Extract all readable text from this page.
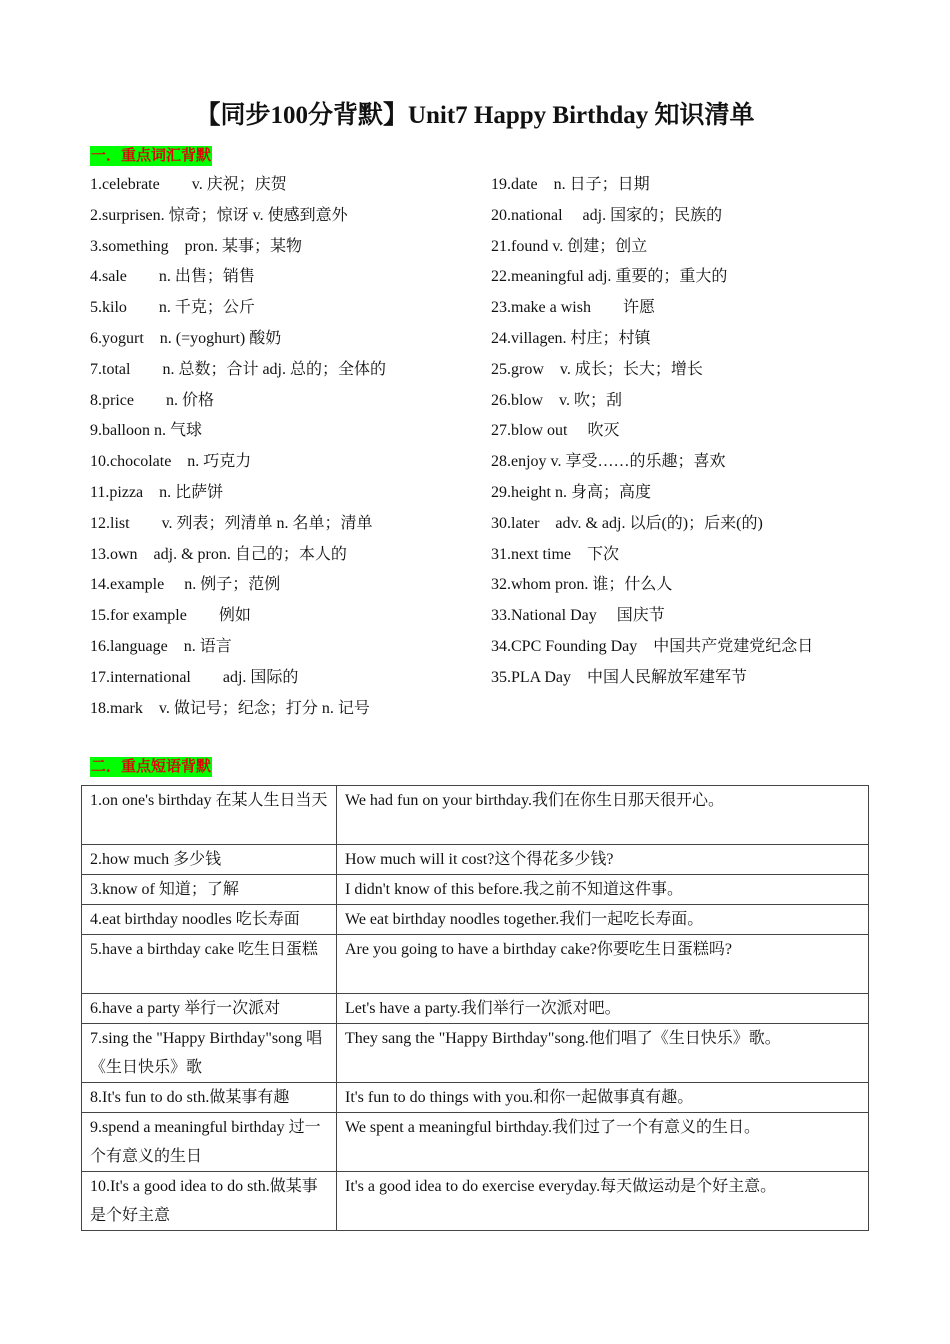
【同步100分背默】Unit7 Happy Birthday 知识清单
一．重点词汇背默
1.celebrate　　v. 庆祝；庆贺
2.surprisen. 惊奇；惊讶 v. 使感到意外
3.something　pron. 某事；某物
4.sale　　n. 出售；销售
5.kilo　　n. 千克；公斤
6.yogurt　n. (=yoghurt) 酸奶
7.total　　n. 总数；合计 adj. 总的；全体的
8.price　　n. 价格
9.balloon n. 气球
10.chocolate　n. 巧克力
11.pizza　n. 比萨饼
12.list　　v. 列表；列清单 n. 名单；清单
13.own　adj. & pron. 自己的；本人的
14.example　 n. 例子；范例
15.for example　　例如
16.language　n. 语言
17.international　　adj. 国际的
18.mark　v. 做记号；纪念；打分 n. 记号
19.date　n. 日子；日期
20.national　 adj. 国家的；民族的
21.found v. 创建；创立
22.meaningful adj. 重要的；重大的
23.make a wish　　许愿
24.villagen. 村庄；村镇
25.grow　v. 成长；长大；增长
26.blow　v. 吹；刮
27.blow out　 吹灭
28.enjoy v. 享受……的乐趣；喜欢
29.height n. 身高；高度
30.later　adv. & adj. 以后(的)；后来(的)
31.next time　下次
32.whom pron. 谁；什么人
33.National Day　 国庆节
34.CPC Founding Day　中国共产党建党纪念日
35.PLA Day　中国人民解放军建军节
二．重点短语背默
1.on one's birthday 在某人生日当天	We had fun on your birthday.我们在你生日那天很开心。
2.how much 多少钱	How much will it cost?这个得花多少钱?
3.know of 知道；了解	I didn't know of this before.我之前不知道这件事。
4.eat birthday noodles 吃长寿面	We eat birthday noodles together.我们一起吃长寿面。
5.have a birthday cake 吃生日蛋糕	Are you going to have a birthday cake?你要吃生日蛋糕吗?
6.have a party 举行一次派对	Let's have a party.我们举行一次派对吧。
7.sing the "Happy Birthday"song 唱《生日快乐》歌	They sang the "Happy Birthday"song.他们唱了《生日快乐》歌。
8.It's fun to do sth.做某事有趣	It's fun to do things with you.和你一起做事真有趣。
9.spend a meaningful birthday 过一个有意义的生日	We spent a meaningful birthday.我们过了一个有意义的生日。
10.It's a good idea to do sth.做某事是个好主意	It's a good idea to do exercise everyday.每天做运动是个好主意。
